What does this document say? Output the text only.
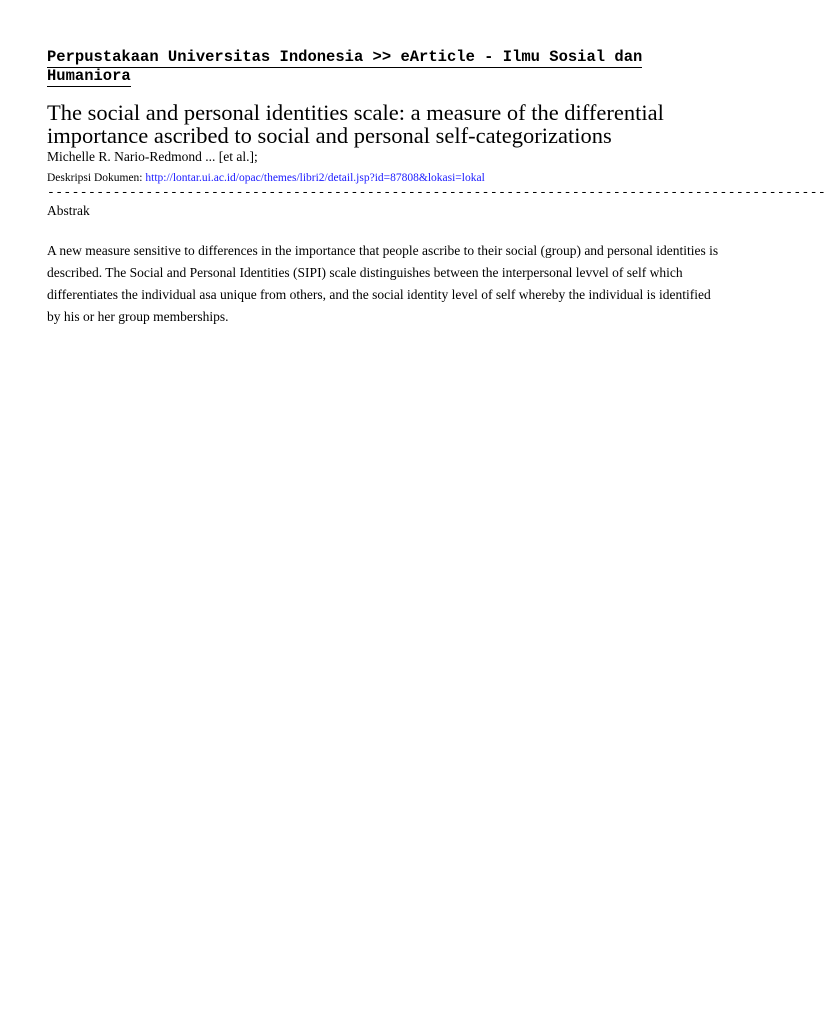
Perpustakaan Universitas Indonesia >> eArticle - Ilmu Sosial dan Humaniora

The social and personal identities scale: a measure of the differential importance ascribed to social and personal self-categorizations

Michelle R. Nario-Redmond ... [et al.];

Deskripsi Dokumen: http://lontar.ui.ac.id/opac/themes/libri2/detail.jsp?id=87808&lokasi=lokal

-----------------------------------------------------------------------------------------------

Abstrak

A new measure sensitive to differences in the importance that people ascribe to their social (group) and personal identities is described. The Social and Personal Identities (SIPI) scale distinguishes between the interpersonal levvel of self which differentiates the individual asa unique from others, and the social identity level of self whereby the individual is identified by his or her group memberships.
